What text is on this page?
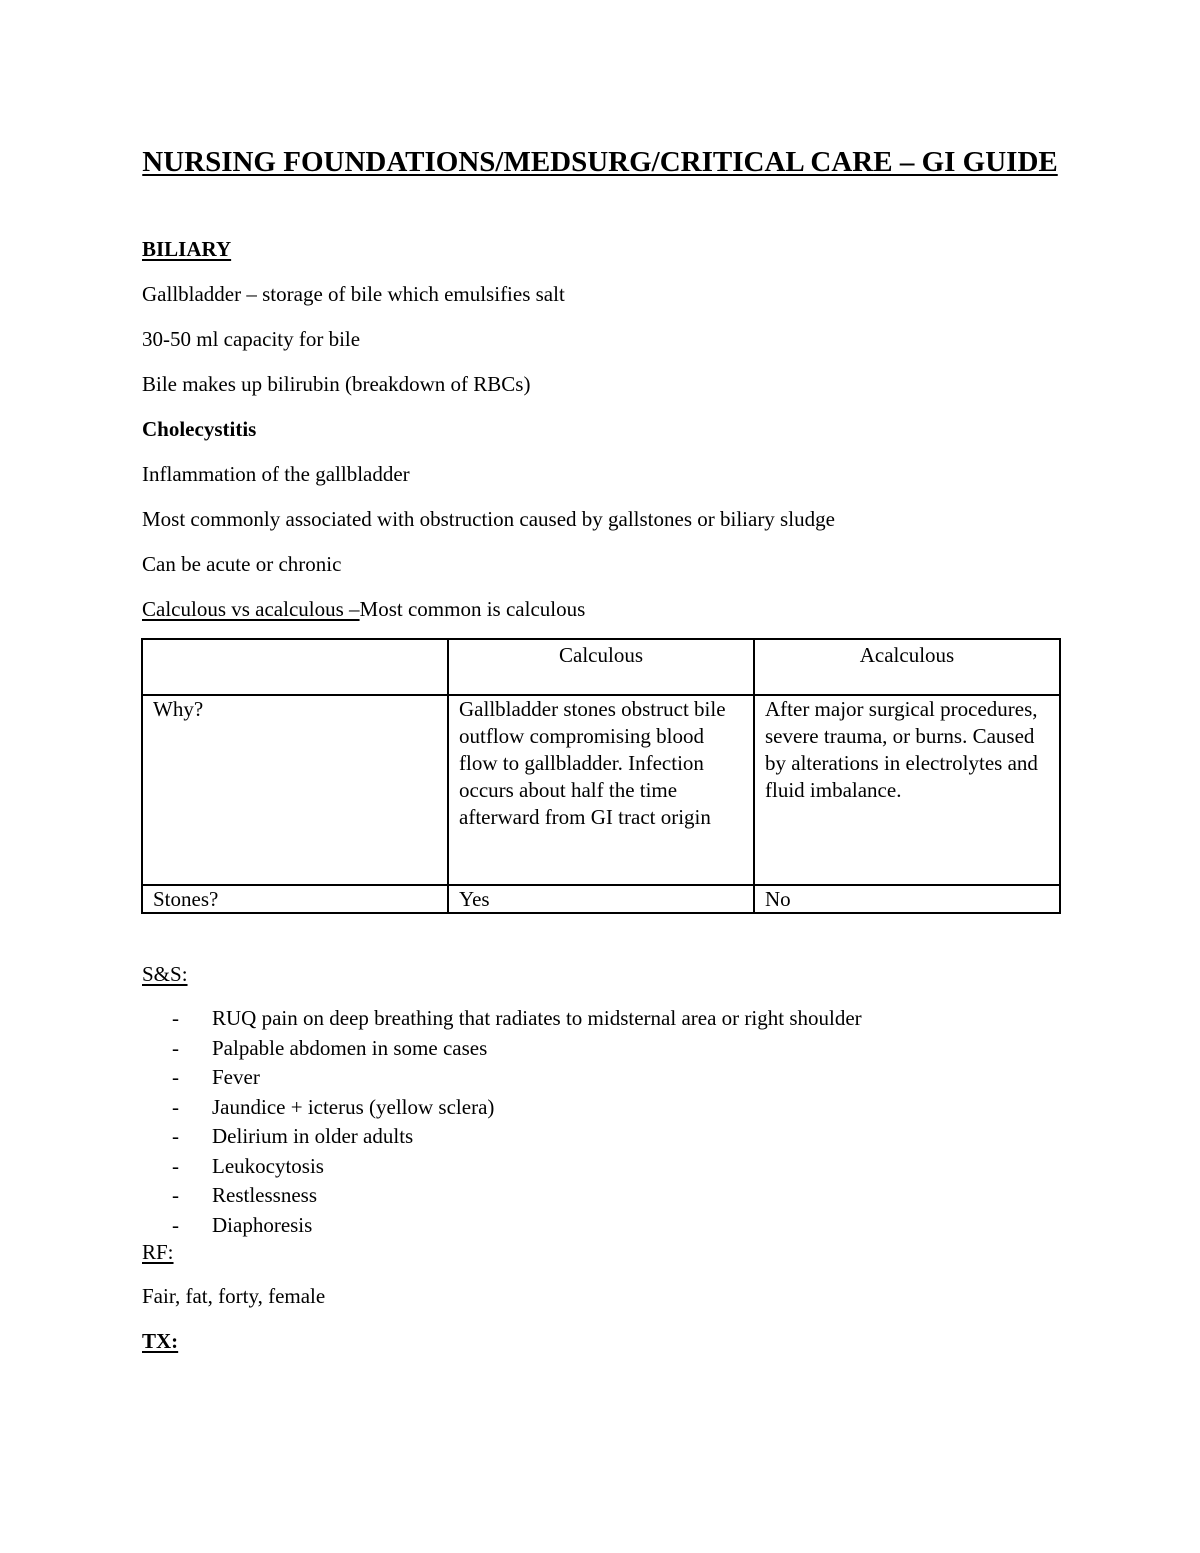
NURSING FOUNDATIONS/MEDSURG/CRITICAL CARE – GI GUIDE
BILIARY
Gallbladder – storage of bile which emulsifies salt
30-50 ml capacity for bile
Bile makes up bilirubin (breakdown of RBCs)
Cholecystitis
Inflammation of the gallbladder
Most commonly associated with obstruction caused by gallstones or biliary sludge
Can be acute or chronic
Calculous vs acalculous –Most common is calculous
	Calculous	Acalculous
Why?	Gallbladder stones obstruct bile outflow compromising blood flow to gallbladder. Infection occurs about half the time afterward from GI tract origin	After major surgical procedures, severe trauma, or burns. Caused by alterations in electrolytes and fluid imbalance.
Stones?	Yes	No
S&S:
- RUQ pain on deep breathing that radiates to midsternal area or right shoulder
- Palpable abdomen in some cases
- Fever
- Jaundice + icterus (yellow sclera)
- Delirium in older adults
- Leukocytosis
- Restlessness
- Diaphoresis
RF:
Fair, fat, forty, female
TX:
